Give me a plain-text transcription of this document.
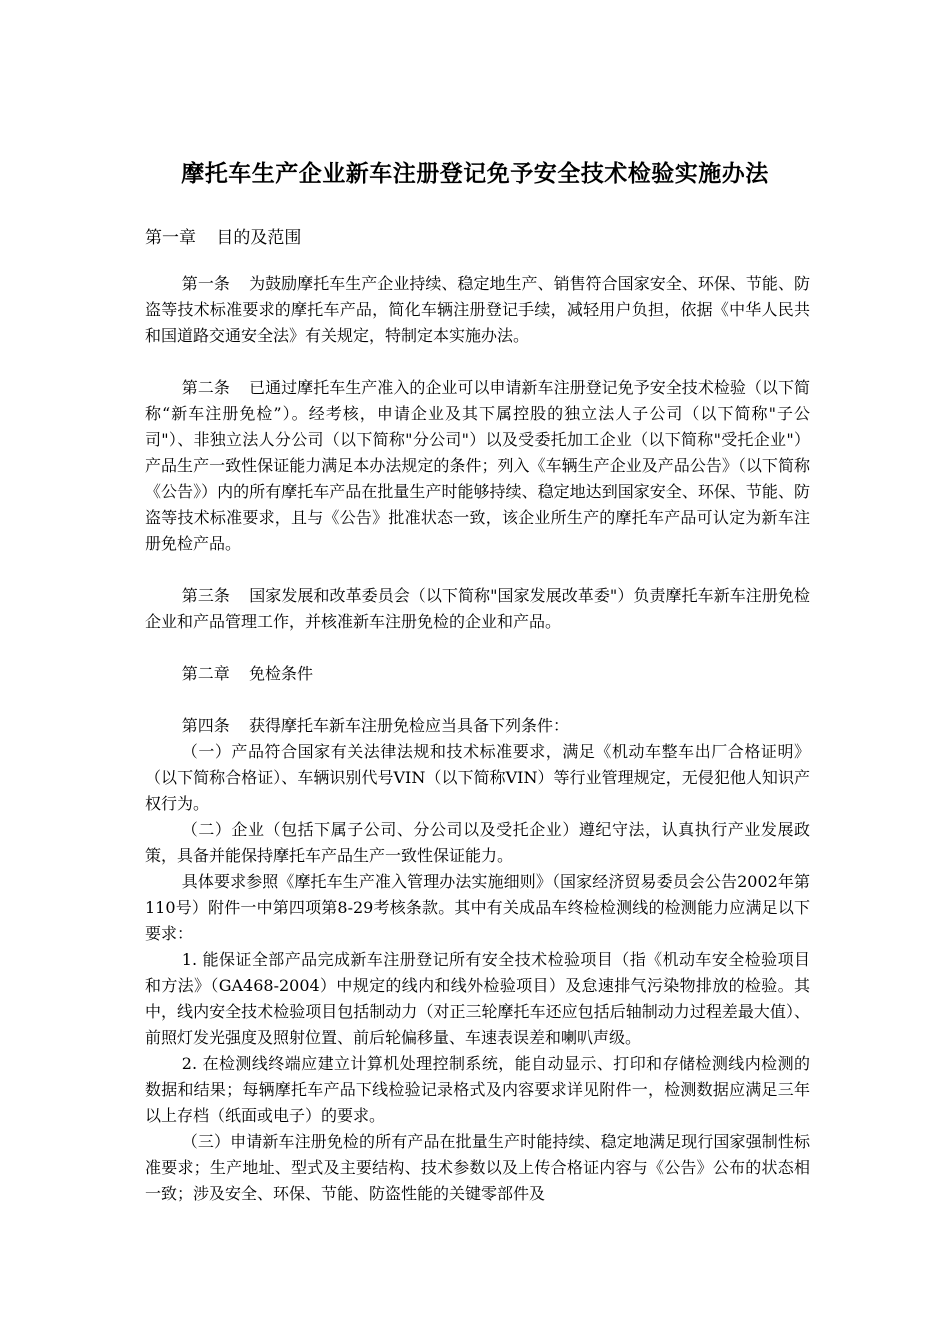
摩托车生产企业新车注册登记免予安全技术检验实施办法
第一章 目的及范围

第一条 为鼓励摩托车生产企业持续、稳定地生产、销售符合国家安全、环保、节能、防盗等技术标准要求的摩托车产品，简化车辆注册登记手续，减轻用户负担，依据《中华人民共和国道路交通安全法》有关规定，特制定本实施办法。

第二条 已通过摩托车生产准入的企业可以申请新车注册登记免予安全技术检验（以下简称“新车注册免检”）。经考核，申请企业及其下属控股的独立法人子公司（以下简称"子公司"）、非独立法人分公司（以下简称"分公司"）以及受委托加工企业（以下简称"受托企业"）产品生产一致性保证能力满足本办法规定的条件；列入《车辆生产企业及产品公告》（以下简称《公告》）内的所有摩托车产品在批量生产时能够持续、稳定地达到国家安全、环保、节能、防盗等技术标准要求，且与《公告》批准状态一致，该企业所生产的摩托车产品可认定为新车注册免检产品。

第三条 国家发展和改革委员会（以下简称"国家发展改革委"）负责摩托车新车注册免检企业和产品管理工作，并核准新车注册免检的企业和产品。

第二章 免检条件

第四条 获得摩托车新车注册免检应当具备下列条件：

（一）产品符合国家有关法律法规和技术标准要求，满足《机动车整车出厂合格证明》（以下简称合格证）、车辆识别代号VIN（以下简称VIN）等行业管理规定，无侵犯他人知识产权行为。

（二）企业（包括下属子公司、分公司以及受托企业）遵纪守法，认真执行产业发展政策，具备并能保持摩托车产品生产一致性保证能力。

具体要求参照《摩托车生产准入管理办法实施细则》（国家经济贸易委员会公告2002年第110号）附件一中第四项第8-29考核条款。其中有关成品车终检检测线的检测能力应满足以下要求：

1. 能保证全部产品完成新车注册登记所有安全技术检验项目（指《机动车安全检验项目和方法》（GA468-2004）中规定的线内和线外检验项目）及怠速排气污染物排放的检验。其中，线内安全技术检验项目包括制动力（对正三轮摩托车还应包括后轴制动力过程差最大值）、前照灯发光强度及照射位置、前后轮偏移量、车速表误差和喇叭声级。

2. 在检测线终端应建立计算机处理控制系统，能自动显示、打印和存储检测线内检测的数据和结果；每辆摩托车产品下线检验记录格式及内容要求详见附件一，检测数据应满足三年以上存档（纸面或电子）的要求。

（三）申请新车注册免检的所有产品在批量生产时能持续、稳定地满足现行国家强制性标准要求；生产地址、型式及主要结构、技术参数以及上传合格证内容与《公告》公布的状态相一致；涉及安全、环保、节能、防盗性能的关键零部件及
